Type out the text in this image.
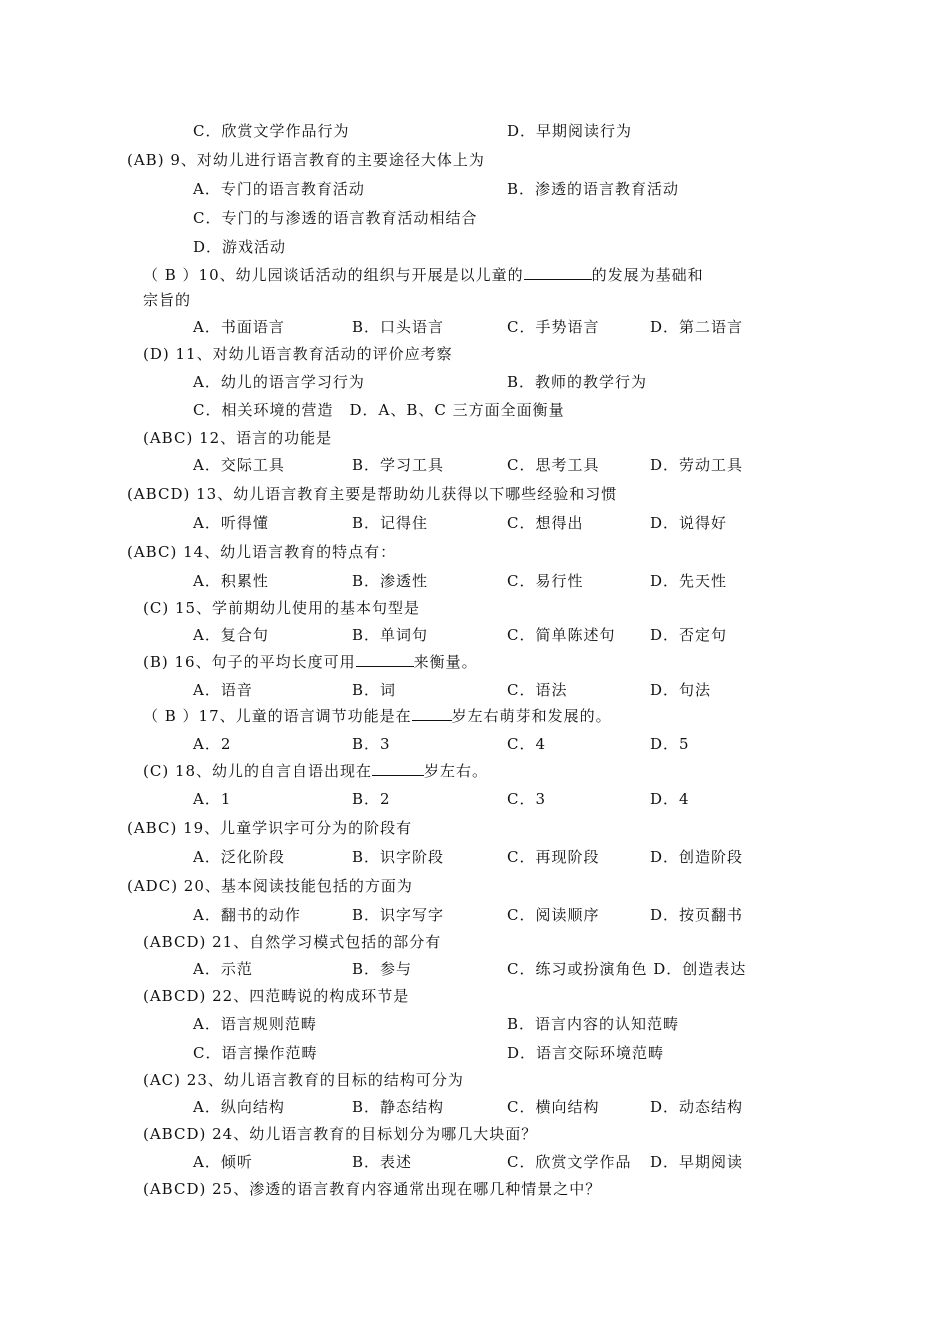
C．欣赏文学作品行为	D．早期阅读行为
(AB) 9、对幼儿进行语言教育的主要途径大体上为
A．专门的语言教育活动	B．渗透的语言教育活动
C．专门的与渗透的语言教育活动相结合
D．游戏活动
（ B ）10、幼儿园谈话活动的组织与开展是以儿童的	的发展为基础和
宗旨的
A．书面语言	B．口头语言	C．手势语言	D．第二语言
(D) 11、对幼儿语言教育活动的评价应考察
A．幼儿的语言学习行为	B．教师的教学行为
C．相关环境的营造　D．A、B、C 三方面全面衡量
(ABC) 12、语言的功能是
A．交际工具	B．学习工具	C．思考工具	D．劳动工具
(ABCD) 13、幼儿语言教育主要是帮助幼儿获得以下哪些经验和习惯
A．听得懂	B．记得住	C．想得出	D．说得好
(ABC) 14、幼儿语言教育的特点有：
A．积累性	B．渗透性	C．易行性	D．先天性
(C) 15、学前期幼儿使用的基本句型是
A．复合句	B．单词句	C．简单陈述句 D．否定句
(B) 16、句子的平均长度可用	来衡量。
A．语音	B．词	C．语法	D．句法
（ B ）17、儿童的语言调节功能是在	岁左右萌芽和发展的。
A．2	B．3	C．4	D．5
(C) 18、幼儿的自言自语出现在	岁左右。
A．1	B．2	C．3	D．4
(ABC) 19、儿童学识字可分为的阶段有
A．泛化阶段	B．识字阶段	C．再现阶段	D．创造阶段
(ADC) 20、基本阅读技能包括的方面为
A．翻书的动作	B．识字写字	C．阅读顺序	D．按页翻书
(ABCD) 21、自然学习模式包括的部分有
A．示范	B．参与	C．练习或扮演角色 D．创造表达
(ABCD) 22、四范畴说的构成环节是
A．语言规则范畴	B．语言内容的认知范畴
C．语言操作范畴	D．语言交际环境范畴
(AC) 23、幼儿语言教育的目标的结构可分为
A．纵向结构	B．静态结构	C．横向结构	D．动态结构
(ABCD) 24、幼儿语言教育的目标划分为哪几大块面？
A．倾听	B．表述	C．欣赏文学作品 D．早期阅读
(ABCD) 25、渗透的语言教育内容通常出现在哪几种情景之中？
